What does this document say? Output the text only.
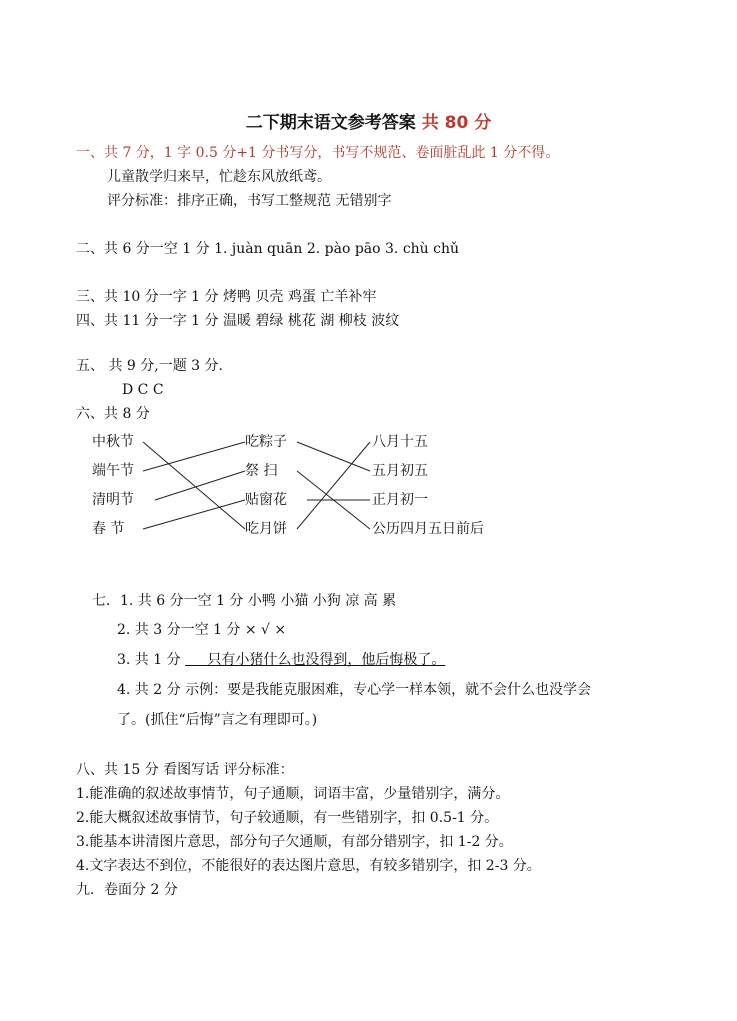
二下期末语文参考答案 共 80 分
一、共 7 分，1 字 0.5 分+1 分书写分，书写不规范、卷面脏乱此 1 分不得。
儿童散学归来早，忙趁东风放纸鸢。
评分标准：排序正确，书写工整规范 无错别字
二、共 6 分一空 1 分 1. juàn quān 2. pào pāo 3. chù chǔ
三、共 10 分一字 1 分 烤鸭 贝壳 鸡蛋 亡羊补牢
四、共 11 分一字 1 分 温暖 碧绿 桃花 湖 柳枝 波纹
五、 共 9 分,一题 3 分.
D C C
六、共 8 分
中秋节
端午节
清明节
春 节
吃粽子
祭 扫
贴窗花
吃月饼
八月十五
五月初五
正月初一
公历四月五日前后
七．1. 共 6 分一空 1 分 小鸭 小猫 小狗 凉 高 累
2. 共 3 分一空 1 分 × √ ×
3. 共 1 分      只有小猪什么也没得到，他后悔极了。
4. 共 2 分 示例：要是我能克服困难，专心学一样本领，就不会什么也没学会
了。(抓住“后悔”言之有理即可。)
八、共 15 分 看图写话 评分标准：
1.能准确的叙述故事情节，句子通顺，词语丰富，少量错别字，满分。
2.能大概叙述故事情节，句子较通顺，有一些错别字，扣 0.5-1 分。
3.能基本讲清图片意思，部分句子欠通顺，有部分错别字，扣 1-2 分。
4.文字表达不到位，不能很好的表达图片意思，有较多错别字，扣 2-3 分。
九．卷面分 2 分
